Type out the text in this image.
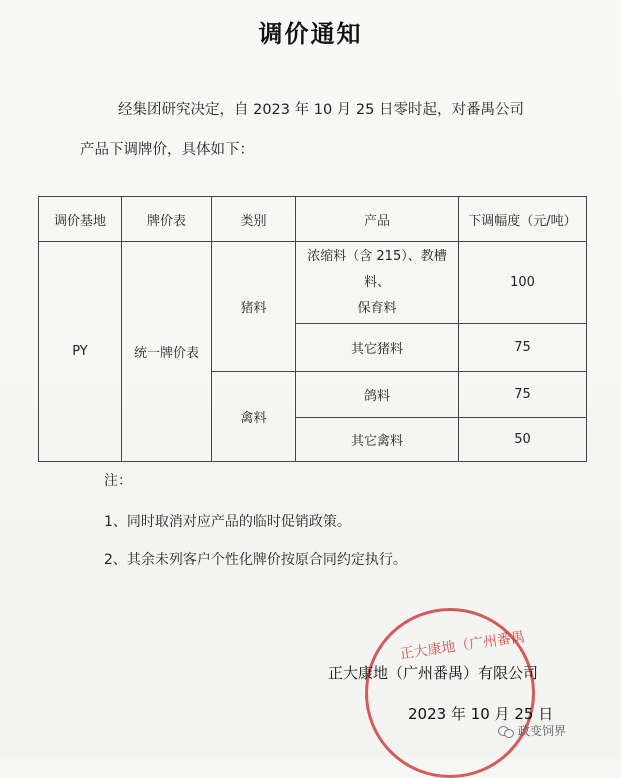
调价通知
经集团研究决定，自 2023 年 10 月 25 日零时起，对番禺公司
产品下调牌价，具体如下：
调价基地	牌价表	类别	产品	下调幅度（元/吨）
PY	统一牌价表	猪料	浓缩料（含 215）、教槽料、
保育料	100
			其它猪料	75
		禽料	鸽料	75
			其它禽料	50
注：
1、同时取消对应产品的临时促销政策。
2、其余未列客户个性化牌价按原合同约定执行。
正大康地（广州番禺
正大康地（广州番禺）有限公司
2023 年 10 月 25 日
政变饲界
